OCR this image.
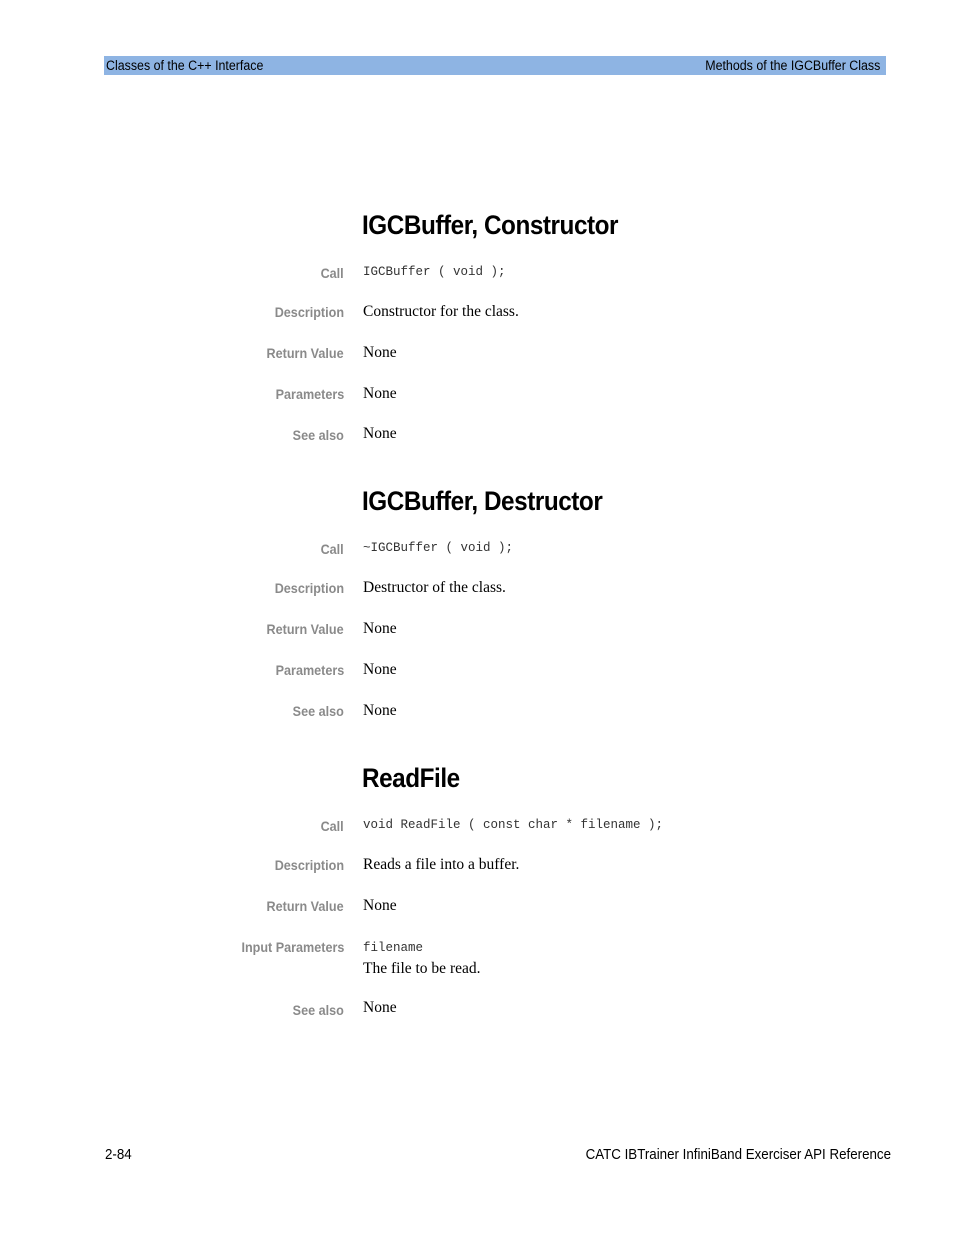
Classes of the C++ Interface	Methods of the IGCBuffer Class
IGCBuffer, Constructor
Call IGCBuffer ( void );
Description Constructor for the class.
Return Value None
Parameters None
See also None
IGCBuffer, Destructor
Call ~IGCBuffer ( void );
Description Destructor of the class.
Return Value None
Parameters None
See also None
ReadFile
Call void ReadFile ( const char * filename );
Description Reads a file into a buffer.
Return Value None
Input Parameters filename
The file to be read.
See also None
2-84	CATC IBTrainer InfiniBand Exerciser API Reference
